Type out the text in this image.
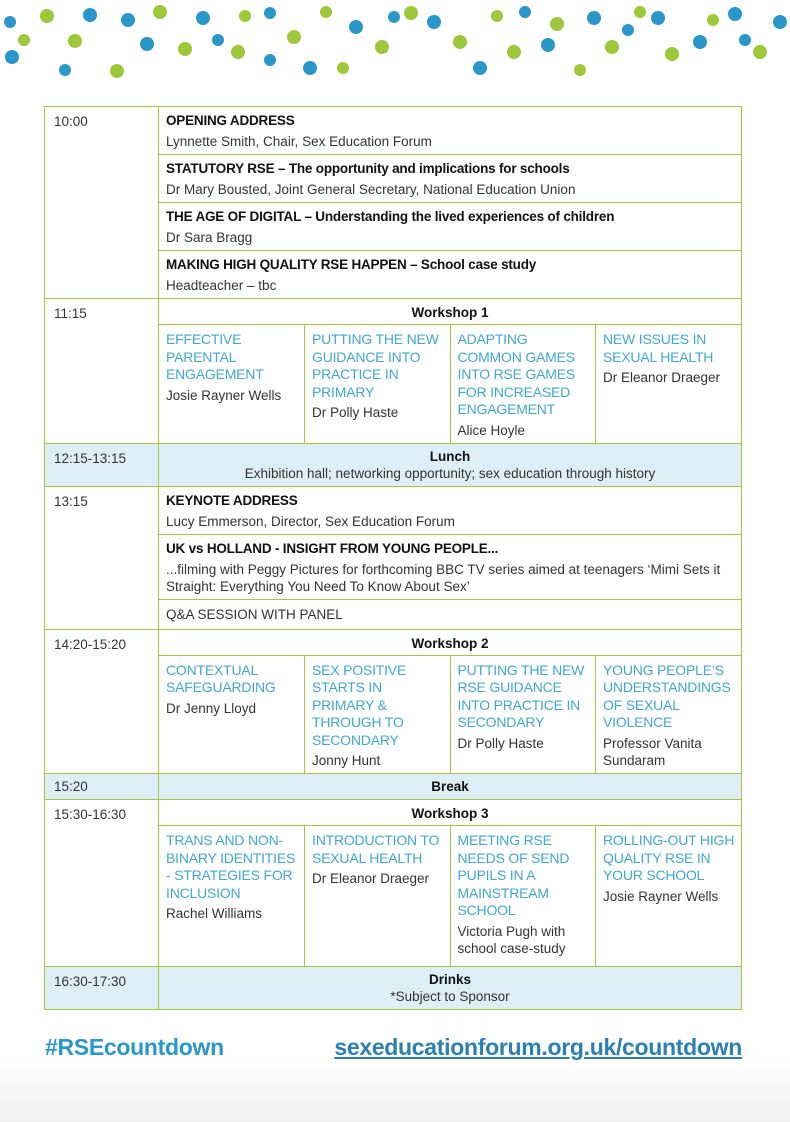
10:00	OPENING ADDRESS
Lynnette Smith, Chair, Sex Education Forum

STATUTORY RSE – The opportunity and implications for schools
Dr Mary Bousted, Joint General Secretary, National Education Union

THE AGE OF DIGITAL – Understanding the lived experiences of children
Dr Sara Bragg

MAKING HIGH QUALITY RSE HAPPEN – School case study
Headteacher – tbc

11:15		Workshop 1

EFFECTIVE PARENTAL ENGAGEMENT
Josie Rayner Wells

PUTTING THE NEW GUIDANCE INTO PRACTICE IN PRIMARY
Dr Polly Haste

ADAPTING COMMON GAMES INTO RSE GAMES FOR INCREASED ENGAGEMENT
Alice Hoyle

NEW ISSUES IN SEXUAL HEALTH
Dr Eleanor Draeger

12:15-13:15	Lunch
Exhibition hall; networking opportunity; sex education through history

13:15	KEYNOTE ADDRESS
Lucy Emmerson, Director, Sex Education Forum

UK vs HOLLAND - INSIGHT FROM YOUNG PEOPLE...
...filming with Peggy Pictures for forthcoming BBC TV series aimed at teenagers ‘Mimi Sets it Straight: Everything You Need To Know About Sex’

Q&A SESSION WITH PANEL

14:20-15:20		Workshop 2

CONTEXTUAL SAFEGUARDING
Dr Jenny Lloyd

SEX POSITIVE STARTS IN PRIMARY & THROUGH TO SECONDARY
Jonny Hunt

PUTTING THE NEW RSE GUIDANCE INTO PRACTICE IN SECONDARY
Dr Polly Haste

YOUNG PEOPLE’S UNDERSTANDINGS OF SEXUAL VIOLENCE
Professor Vanita Sundaram

15:20	Break

15:30-16:30		Workshop 3

TRANS AND NON-BINARY IDENTITIES - STRATEGIES FOR INCLUSION
Rachel Williams

INTRODUCTION TO SEXUAL HEALTH
Dr Eleanor Draeger

MEETING RSE NEEDS OF SEND PUPILS IN A MAINSTREAM SCHOOL
Victoria Pugh with school case-study

ROLLING-OUT HIGH QUALITY RSE IN YOUR SCHOOL
Josie Rayner Wells

16:30-17:30	Drinks
*Subject to Sponsor
#RSEcountdown	sexeducationforum.org.uk/countdown
